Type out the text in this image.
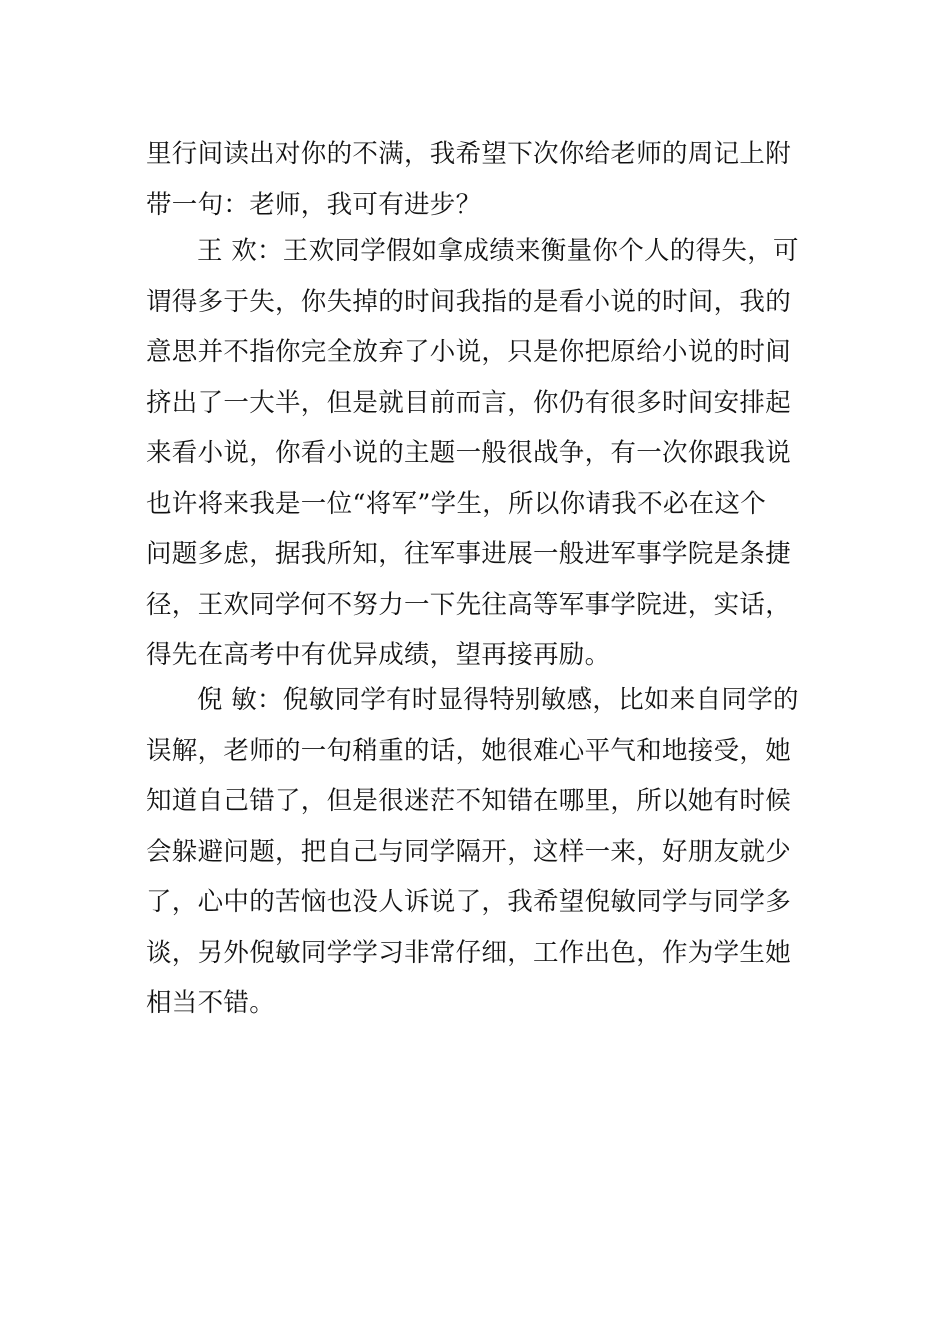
里行间读出对你的不满，我希望下次你给老师的周记上附
带一句：老师，我可有进步？
王 欢：王欢同学假如拿成绩来衡量你个人的得失，可
谓得多于失，你失掉的时间我指的是看小说的时间，我的
意思并不指你完全放弃了小说，只是你把原给小说的时间
挤出了一大半，但是就目前而言，你仍有很多时间安排起
来看小说，你看小说的主题一般很战争，有一次你跟我说
也许将来我是一位“将军”学生，所以你请我不必在这个
问题多虑，据我所知，往军事进展一般进军事学院是条捷
径，王欢同学何不努力一下先往高等军事学院进，实话，
得先在高考中有优异成绩，望再接再励。
倪 敏：倪敏同学有时显得特别敏感，比如来自同学的
误解，老师的一句稍重的话，她很难心平气和地接受，她
知道自己错了，但是很迷茫不知错在哪里，所以她有时候
会躲避问题，把自己与同学隔开，这样一来，好朋友就少
了，心中的苦恼也没人诉说了，我希望倪敏同学与同学多
谈，另外倪敏同学学习非常仔细，工作出色，作为学生她
相当不错。
